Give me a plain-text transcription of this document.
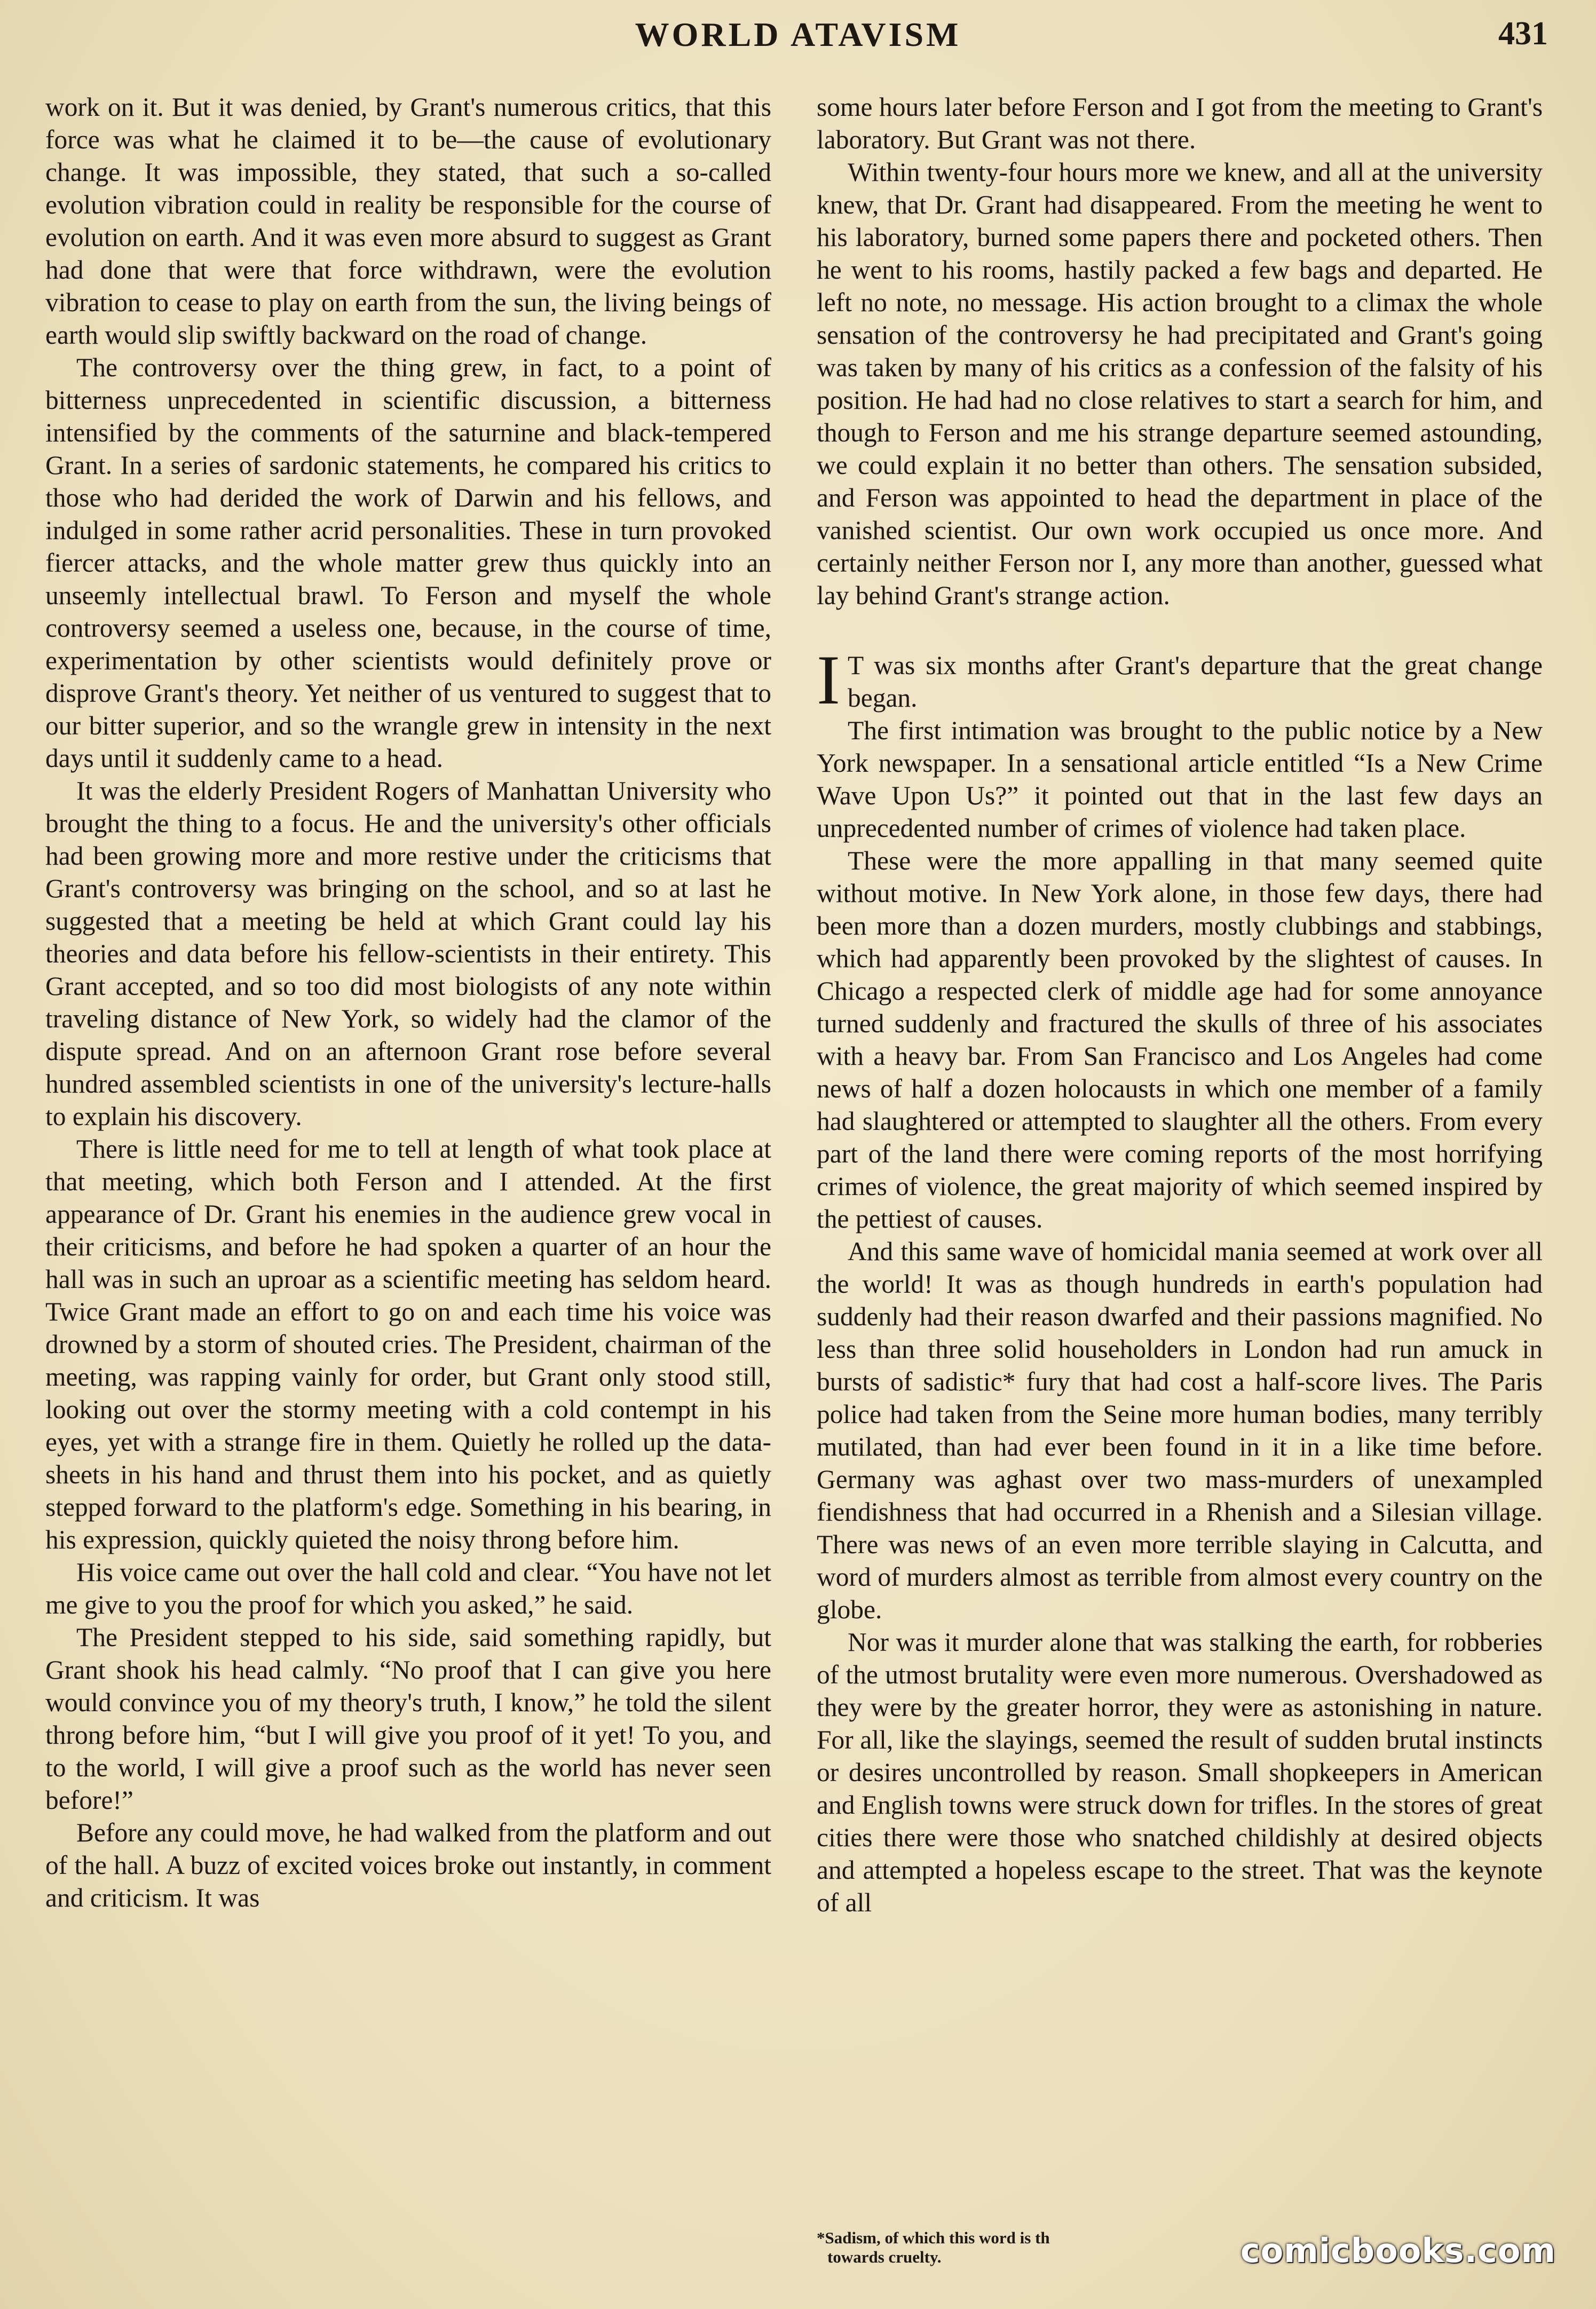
WORLD ATAVISM	431

work on it. But it was denied, by Grant's numerous critics, that this force was what he claimed it to be—the cause of evolutionary change. It was impossible, they stated, that such a so-called evolution vibration could in reality be responsible for the course of evolution on earth. And it was even more absurd to suggest as Grant had done that were that force withdrawn, were the evolution vibration to cease to play on earth from the sun, the living beings of earth would slip swiftly backward on the road of change.

The controversy over the thing grew, in fact, to a point of bitterness unprecedented in scientific discussion, a bitterness intensified by the comments of the saturnine and black-tempered Grant. In a series of sardonic statements, he compared his critics to those who had derided the work of Darwin and his fellows, and indulged in some rather acrid personalities. These in turn provoked fiercer attacks, and the whole matter grew thus quickly into an unseemly intellectual brawl. To Ferson and myself the whole controversy seemed a useless one, because, in the course of time, experimentation by other scientists would definitely prove or disprove Grant's theory. Yet neither of us ventured to suggest that to our bitter superior, and so the wrangle grew in intensity in the next days until it suddenly came to a head.

It was the elderly President Rogers of Manhattan University who brought the thing to a focus. He and the university's other officials had been growing more and more restive under the criticisms that Grant's controversy was bringing on the school, and so at last he suggested that a meeting be held at which Grant could lay his theories and data before his fellow-scientists in their entirety. This Grant accepted, and so too did most biologists of any note within traveling distance of New York, so widely had the clamor of the dispute spread. And on an afternoon Grant rose before several hundred assembled scientists in one of the university's lecture-halls to explain his discovery.

There is little need for me to tell at length of what took place at that meeting, which both Ferson and I attended. At the first appearance of Dr. Grant his enemies in the audience grew vocal in their criticisms, and before he had spoken a quarter of an hour the hall was in such an uproar as a scientific meeting has seldom heard. Twice Grant made an effort to go on and each time his voice was drowned by a storm of shouted cries. The President, chairman of the meeting, was rapping vainly for order, but Grant only stood still, looking out over the stormy meeting with a cold contempt in his eyes, yet with a strange fire in them. Quietly he rolled up the data-sheets in his hand and thrust them into his pocket, and as quietly stepped forward to the platform's edge. Something in his bearing, in his expression, quickly quieted the noisy throng before him.

His voice came out over the hall cold and clear. “You have not let me give to you the proof for which you asked,” he said.

The President stepped to his side, said something rapidly, but Grant shook his head calmly. “No proof that I can give you here would convince you of my theory's truth, I know,” he told the silent throng before him, “but I will give you proof of it yet! To you, and to the world, I will give a proof such as the world has never seen before!”

Before any could move, he had walked from the platform and out of the hall. A buzz of excited voices broke out instantly, in comment and criticism. It was

some hours later before Ferson and I got from the meeting to Grant's laboratory. But Grant was not there.

Within twenty-four hours more we knew, and all at the university knew, that Dr. Grant had disappeared. From the meeting he went to his laboratory, burned some papers there and pocketed others. Then he went to his rooms, hastily packed a few bags and departed. He left no note, no message. His action brought to a climax the whole sensation of the controversy he had precipitated and Grant's going was taken by many of his critics as a confession of the falsity of his position. He had had no close relatives to start a search for him, and though to Ferson and me his strange departure seemed astounding, we could explain it no better than others. The sensation subsided, and Ferson was appointed to head the department in place of the vanished scientist. Our own work occupied us once more. And certainly neither Ferson nor I, any more than another, guessed what lay behind Grant's strange action.

I T was six months after Grant's departure that the great change began.

The first intimation was brought to the public notice by a New York newspaper. In a sensational article entitled “Is a New Crime Wave Upon Us?” it pointed out that in the last few days an unprecedented number of crimes of violence had taken place.

These were the more appalling in that many seemed quite without motive. In New York alone, in those few days, there had been more than a dozen murders, mostly clubbings and stabbings, which had apparently been provoked by the slightest of causes. In Chicago a respected clerk of middle age had for some annoyance turned suddenly and fractured the skulls of three of his associates with a heavy bar. From San Francisco and Los Angeles had come news of half a dozen holocausts in which one member of a family had slaughtered or attempted to slaughter all the others. From every part of the land there were coming reports of the most horrifying crimes of violence, the great majority of which seemed inspired by the pettiest of causes.

And this same wave of homicidal mania seemed at work over all the world! It was as though hundreds in earth's population had suddenly had their reason dwarfed and their passions magnified. No less than three solid householders in London had run amuck in bursts of sadistic* fury that had cost a half-score lives. The Paris police had taken from the Seine more human bodies, many terribly mutilated, than had ever been found in it in a like time before. Germany was aghast over two mass-murders of unexampled fiendishness that had occurred in a Rhenish and a Silesian village. There was news of an even more terrible slaying in Calcutta, and word of murders almost as terrible from almost every country on the globe.

Nor was it murder alone that was stalking the earth, for robberies of the utmost brutality were even more numerous. Overshadowed as they were by the greater horror, they were as astonishing in nature. For all, like the slayings, seemed the result of sudden brutal instincts or desires uncontrolled by reason. Small shopkeepers in American and English towns were struck down for trifles. In the stores of great cities there were those who snatched childishly at desired objects and attempted a hopeless escape to the street. That was the keynote of all

*Sadism, of which this word is th
towards cruelty.	comicbooks.com
